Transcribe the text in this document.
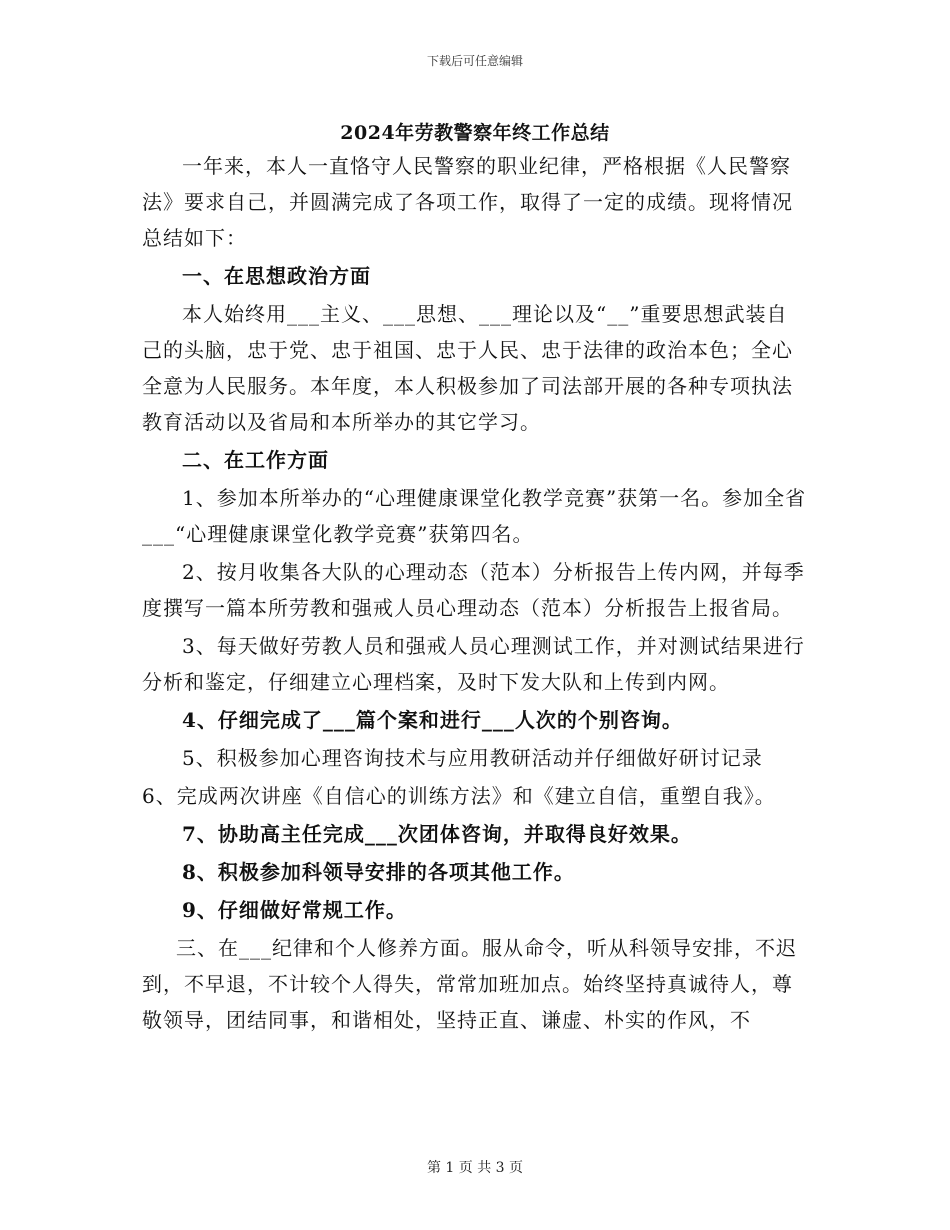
下载后可任意编辑
2024年劳教警察年终工作总结

一年来，本人一直恪守人民警察的职业纪律，严格根据《人民警察法》要求自己，并圆满完成了各项工作，取得了一定的成绩。现将情况总结如下：

一、在思想政治方面

本人始终用___主义、___思想、___理论以及“__”重要思想武装自己的头脑，忠于党、忠于祖国、忠于人民、忠于法律的政治本色；全心全意为人民服务。本年度，本人积极参加了司法部开展的各种专项执法教育活动以及省局和本所举办的其它学习。

二、在工作方面

1、参加本所举办的“心理健康课堂化教学竞赛”获第一名。参加全省___“心理健康课堂化教学竞赛”获第四名。

2、按月收集各大队的心理动态（范本）分析报告上传内网，并每季度撰写一篇本所劳教和强戒人员心理动态（范本）分析报告上报省局。

3、每天做好劳教人员和强戒人员心理测试工作，并对测试结果进行分析和鉴定，仔细建立心理档案，及时下发大队和上传到内网。

4、仔细完成了___篇个案和进行___人次的个别咨询。

5、积极参加心理咨询技术与应用教研活动并仔细做好研讨记录

6、完成两次讲座《自信心的训练方法》和《建立自信，重塑自我》。

7、协助高主任完成___次团体咨询，并取得良好效果。

8、积极参加科领导安排的各项其他工作。

9、仔细做好常规工作。

三、在___纪律和个人修养方面。服从命令，听从科领导安排，不迟到，不早退，不计较个人得失，常常加班加点。始终坚持真诚待人，尊敬领导，团结同事，和谐相处，坚持正直、谦虚、朴实的作风，不

第 1 页 共 3 页
